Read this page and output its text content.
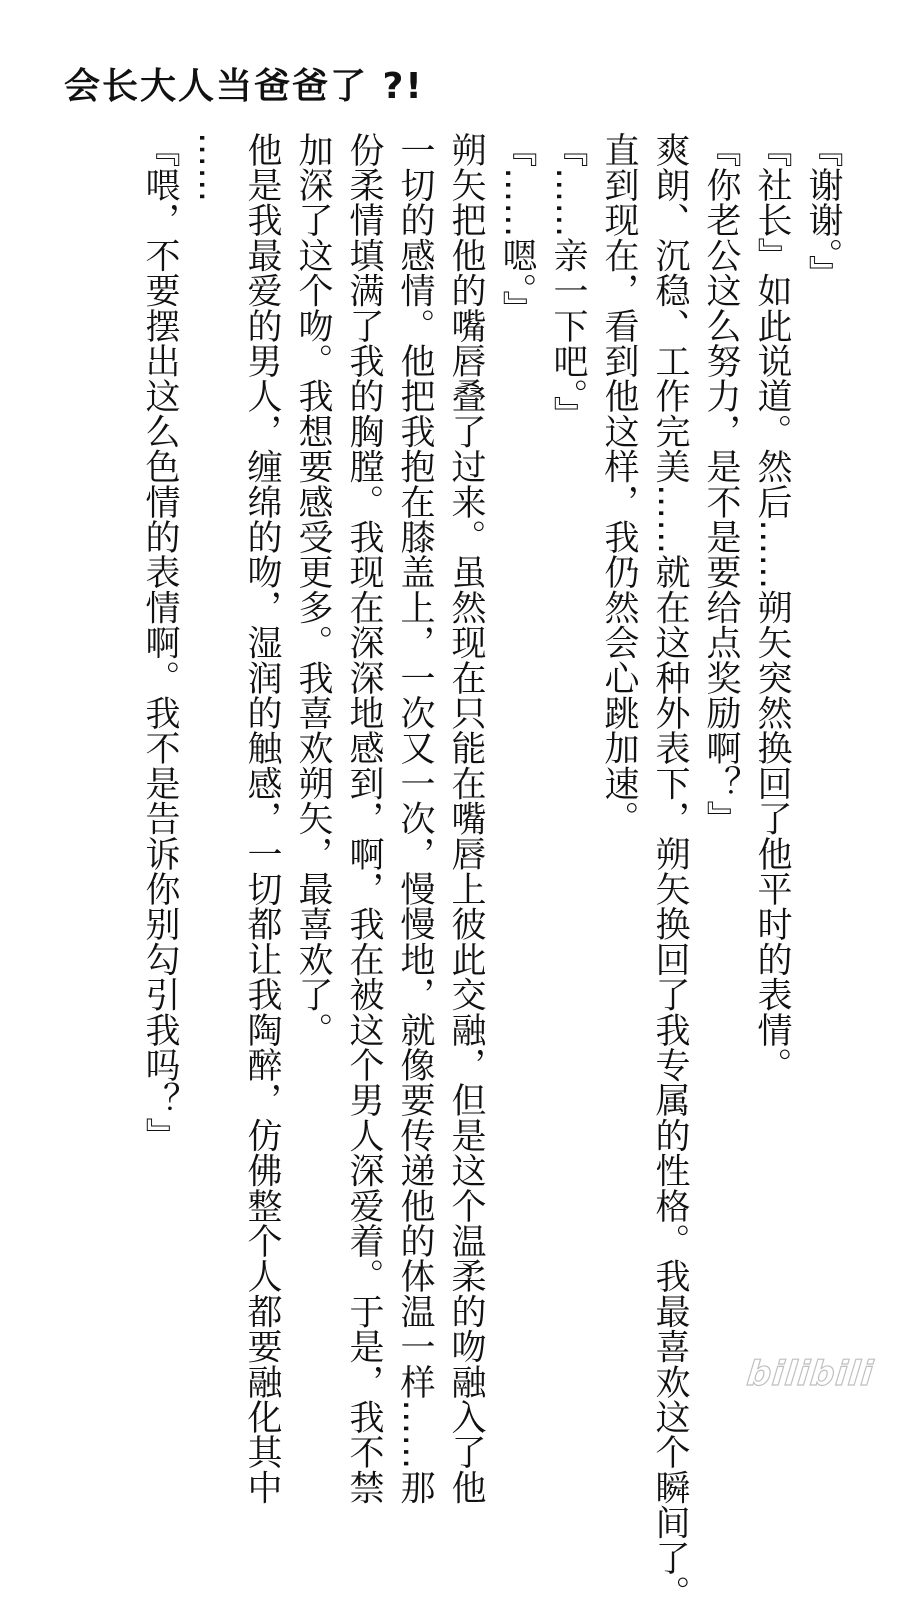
会长大人当爸爸了 ?!
『谢谢。』
『社长』如此说道。然后……朔矢突然换回了他平时的表情。
『你老公这么努力，是不是要给点奖励啊？』
爽朗、沉稳、工作完美……就在这种外表下，朔矢换回了我专属的性格。我最喜欢这个瞬间了。
直到现在，看到他这样，我仍然会心跳加速。
『……亲一下吧。』
『……嗯。』
朔矢把他的嘴唇叠了过来。虽然现在只能在嘴唇上彼此交融，但是这个温柔的吻融入了他
一切的感情。他把我抱在膝盖上，一次又一次，慢慢地，就像要传递他的体温一样……那
份柔情填满了我的胸膛。我现在深深地感到，啊，我在被这个男人深爱着。于是，我不禁
加深了这个吻。我想要感受更多。我喜欢朔矢，最喜欢了。
他是我最爱的男人，缠绵的吻，湿润的触感，一切都让我陶醉，仿佛整个人都要融化其中
……
『喂，不要摆出这么色情的表情啊。我不是告诉你别勾引我吗？』
bilibili
